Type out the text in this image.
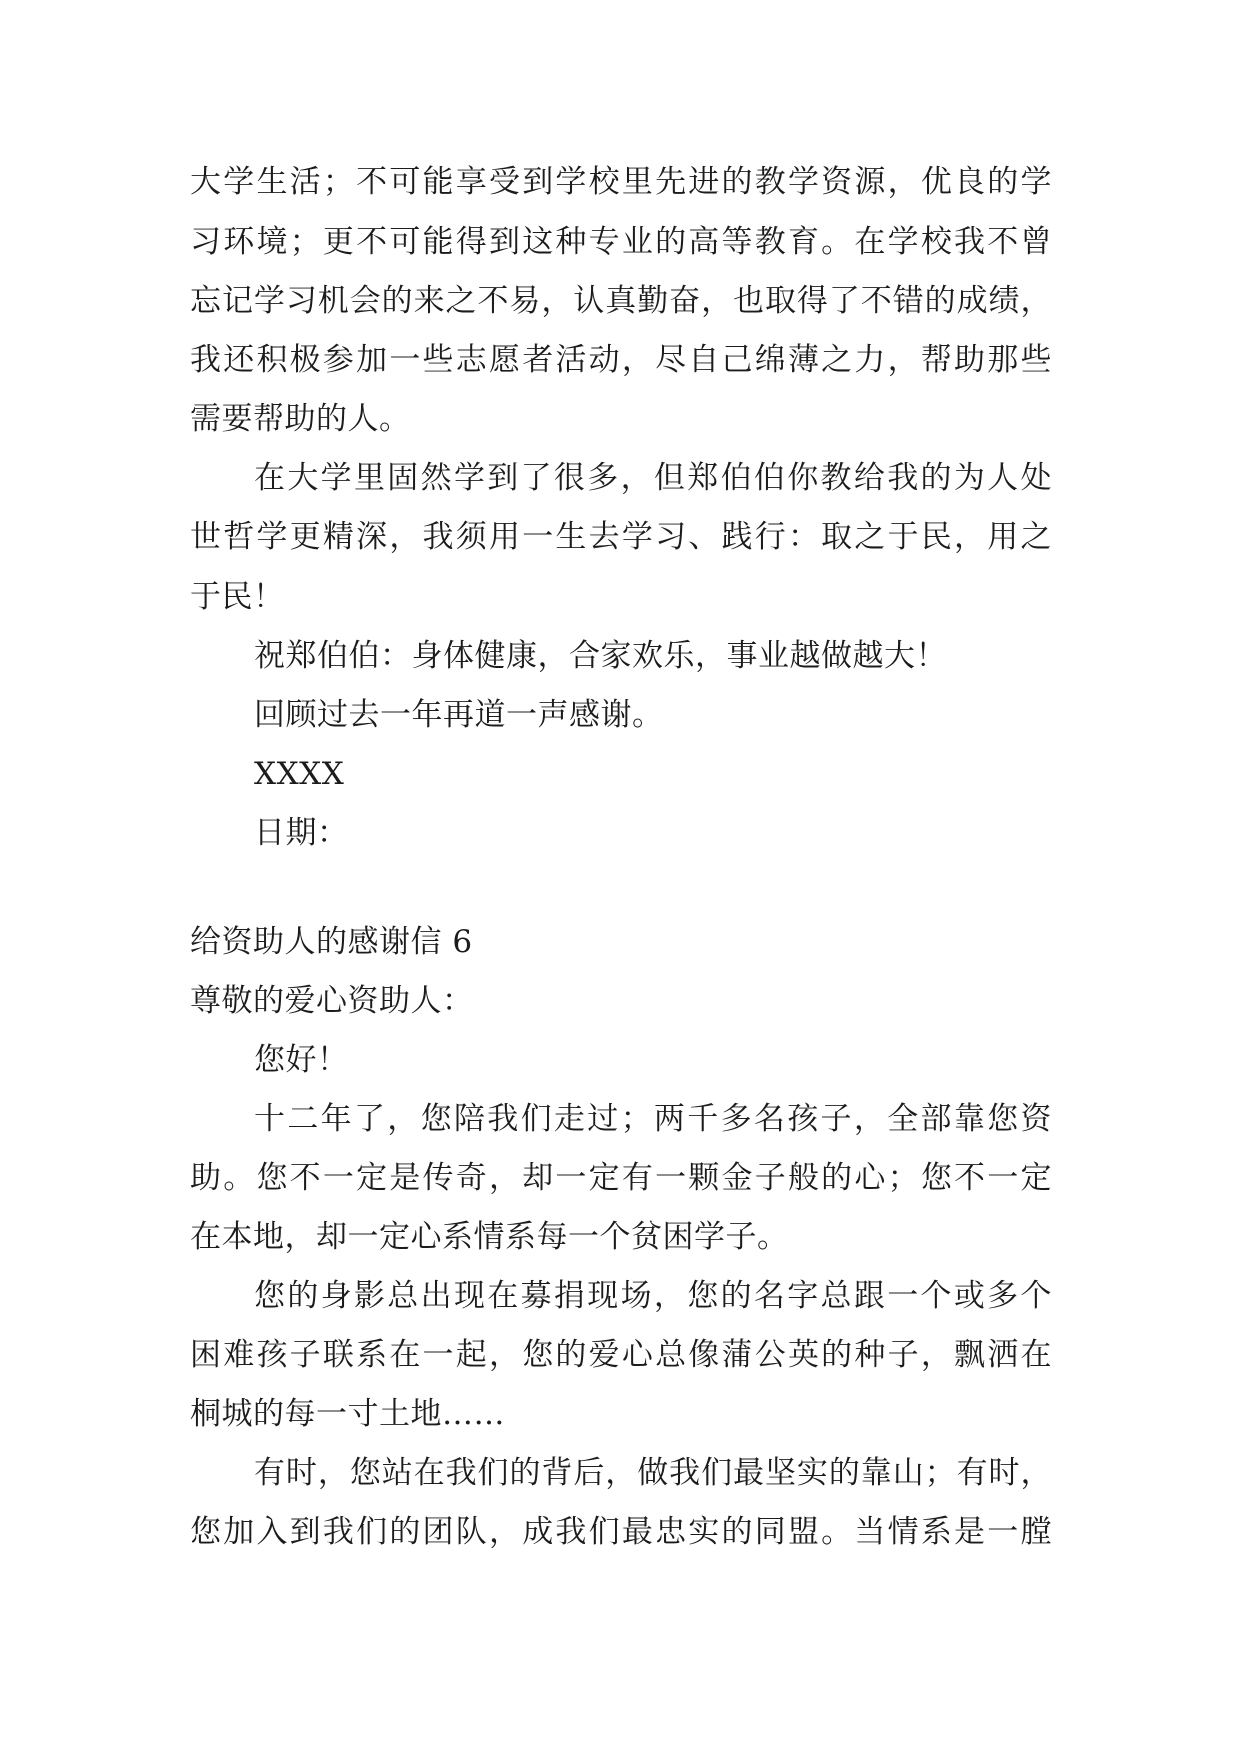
大学生活；不可能享受到学校里先进的教学资源，优良的学
习环境；更不可能得到这种专业的高等教育。在学校我不曾
忘记学习机会的来之不易，认真勤奋，也取得了不错的成绩，
我还积极参加一些志愿者活动，尽自己绵薄之力，帮助那些
需要帮助的人。
在大学里固然学到了很多，但郑伯伯你教给我的为人处
世哲学更精深，我须用一生去学习、践行：取之于民，用之
于民！
祝郑伯伯：身体健康，合家欢乐，事业越做越大！
回顾过去一年再道一声感谢。
XXXX
日期：
给资助人的感谢信 6
尊敬的爱心资助人：
您好！
十二年了，您陪我们走过；两千多名孩子，全部靠您资
助。您不一定是传奇，却一定有一颗金子般的心；您不一定
在本地，却一定心系情系每一个贫困学子。
您的身影总出现在募捐现场，您的名字总跟一个或多个
困难孩子联系在一起，您的爱心总像蒲公英的种子，飘洒在
桐城的每一寸土地……
有时，您站在我们的背后，做我们最坚实的靠山；有时，
您加入到我们的团队，成我们最忠实的同盟。当情系是一膛
